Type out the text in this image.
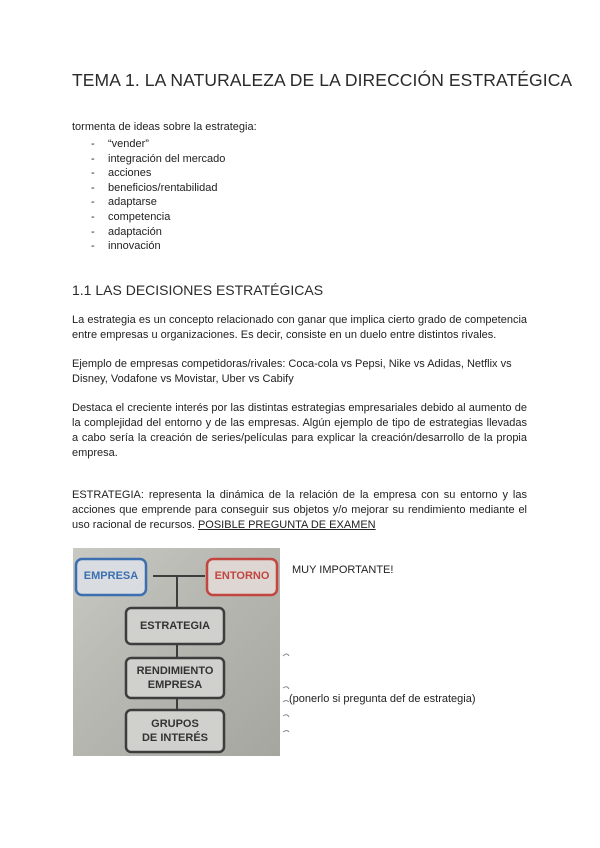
TEMA 1. LA NATURALEZA DE LA DIRECCIÓN ESTRATÉGICA
tormenta de ideas sobre la estrategia:
- “vender”
- integración del mercado
- acciones
- beneficios/rentabilidad
- adaptarse
- competencia
- adaptación
- innovación
1.1 LAS DECISIONES ESTRATÉGICAS

La estrategia es un concepto relacionado con ganar que implica cierto grado de competencia entre empresas u organizaciones. Es decir, consiste en un duelo entre distintos rivales.

Ejemplo de empresas competidoras/rivales: Coca-cola vs Pepsi, Nike vs Adidas, Netflix vs Disney, Vodafone vs Movistar, Uber vs Cabify

Destaca el creciente interés por las distintas estrategias empresariales debido al aumento de la complejidad del entorno y de las empresas. Algún ejemplo de tipo de estrategias llevadas a cabo sería la creación de series/películas para explicar la creación/desarrollo de la propia empresa.

ESTRATEGIA: representa la dinámica de la relación de la empresa con su entorno y las acciones que emprende para conseguir sus objetos y/o mejorar su rendimiento mediante el uso racional de recursos. POSIBLE PREGUNTA DE EXAMEN

EMPRESA	ENTORNO
ESTRATEGIA
RENDIMIENTO
EMPRESA
GRUPOS
DE INTERÉS
MUY IMPORTANTE!
(ponerlo si pregunta def de estrategia)
